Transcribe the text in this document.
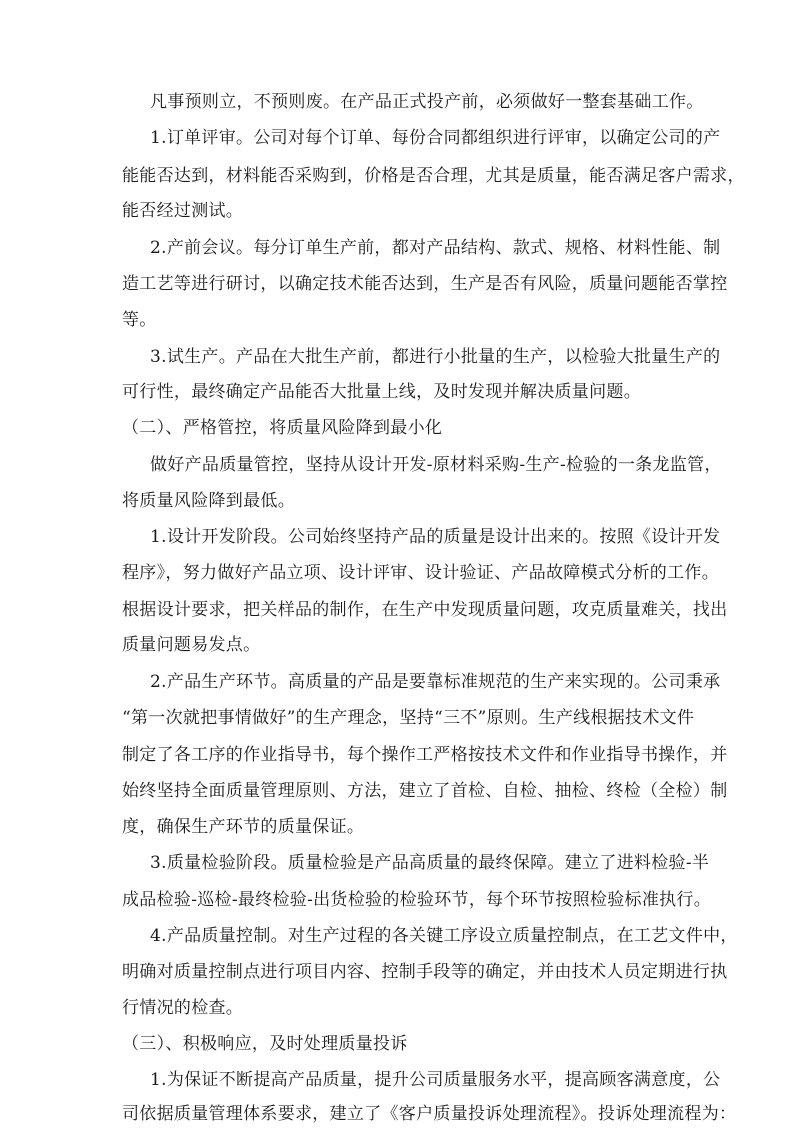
凡事预则立，不预则废。在产品正式投产前，必须做好一整套基础工作。
1.订单评审。公司对每个订单、每份合同都组织进行评审，以确定公司的产
能能否达到，材料能否采购到，价格是否合理，尤其是质量，能否满足客户需求，
能否经过测试。
2.产前会议。每分订单生产前，都对产品结构、款式、规格、材料性能、制
造工艺等进行研讨，以确定技术能否达到，生产是否有风险，质量问题能否掌控
等。
3.试生产。产品在大批生产前，都进行小批量的生产，以检验大批量生产的
可行性，最终确定产品能否大批量上线，及时发现并解决质量问题。
（二）、严格管控，将质量风险降到最小化
做好产品质量管控，坚持从设计开发-原材料采购-生产-检验的一条龙监管，
将质量风险降到最低。
1.设计开发阶段。公司始终坚持产品的质量是设计出来的。按照《设计开发
程序》，努力做好产品立项、设计评审、设计验证、产品故障模式分析的工作。
根据设计要求，把关样品的制作，在生产中发现质量问题，攻克质量难关，找出
质量问题易发点。
2.产品生产环节。高质量的产品是要靠标准规范的生产来实现的。公司秉承
“第一次就把事情做好”的生产理念，坚持“三不”原则。生产线根据技术文件
制定了各工序的作业指导书，每个操作工严格按技术文件和作业指导书操作，并
始终坚持全面质量管理原则、方法，建立了首检、自检、抽检、终检（全检）制
度，确保生产环节的质量保证。
3.质量检验阶段。质量检验是产品高质量的最终保障。建立了进料检验-半
成品检验-巡检-最终检验-出货检验的检验环节，每个环节按照检验标准执行。
4.产品质量控制。对生产过程的各关键工序设立质量控制点，在工艺文件中，
明确对质量控制点进行项目内容、控制手段等的确定，并由技术人员定期进行执
行情况的检查。
（三）、积极响应，及时处理质量投诉
1.为保证不断提高产品质量，提升公司质量服务水平，提高顾客满意度，公
司依据质量管理体系要求，建立了《客户质量投诉处理流程》。投诉处理流程为：
